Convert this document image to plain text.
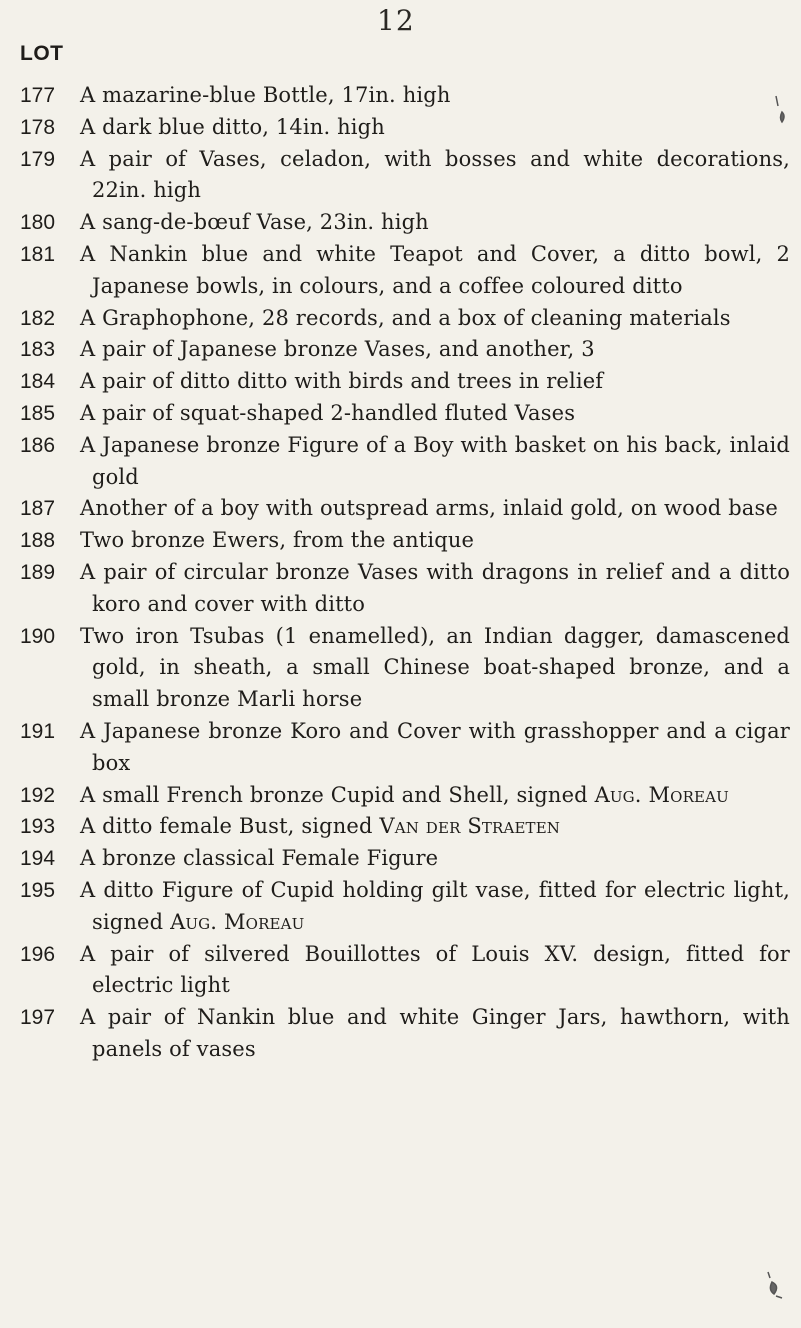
12
LOT
177	A mazarine-blue Bottle, 17in. high
178	A dark blue ditto, 14in. high
179	A pair of Vases, celadon, with bosses and white decorations, 22in. high
180	A sang-de-bœuf Vase, 23in. high
181	A Nankin blue and white Teapot and Cover, a ditto bowl, 2 Japanese bowls, in colours, and a coffee coloured ditto
182	A Graphophone, 28 records, and a box of cleaning materials
183	A pair of Japanese bronze Vases, and another, 3
184	A pair of ditto ditto with birds and trees in relief
185	A pair of squat-shaped 2-handled fluted Vases
186	A Japanese bronze Figure of a Boy with basket on his back, inlaid gold
187	Another of a boy with outspread arms, inlaid gold, on wood base
188	Two bronze Ewers, from the antique
189	A pair of circular bronze Vases with dragons in relief and a ditto koro and cover with ditto
190	Two iron Tsubas (1 enamelled), an Indian dagger, damascened gold, in sheath, a small Chinese boat-shaped bronze, and a small bronze Marli horse
191	A Japanese bronze Koro and Cover with grasshopper and a cigar box
192	A small French bronze Cupid and Shell, signed Aug. Moreau
193	A ditto female Bust, signed Van der Straeten
194	A bronze classical Female Figure
195	A ditto Figure of Cupid holding gilt vase, fitted for electric light, signed Aug. Moreau
196	A pair of silvered Bouillottes of Louis XV. design, fitted for electric light
197	A pair of Nankin blue and white Ginger Jars, hawthorn, with panels of vases
